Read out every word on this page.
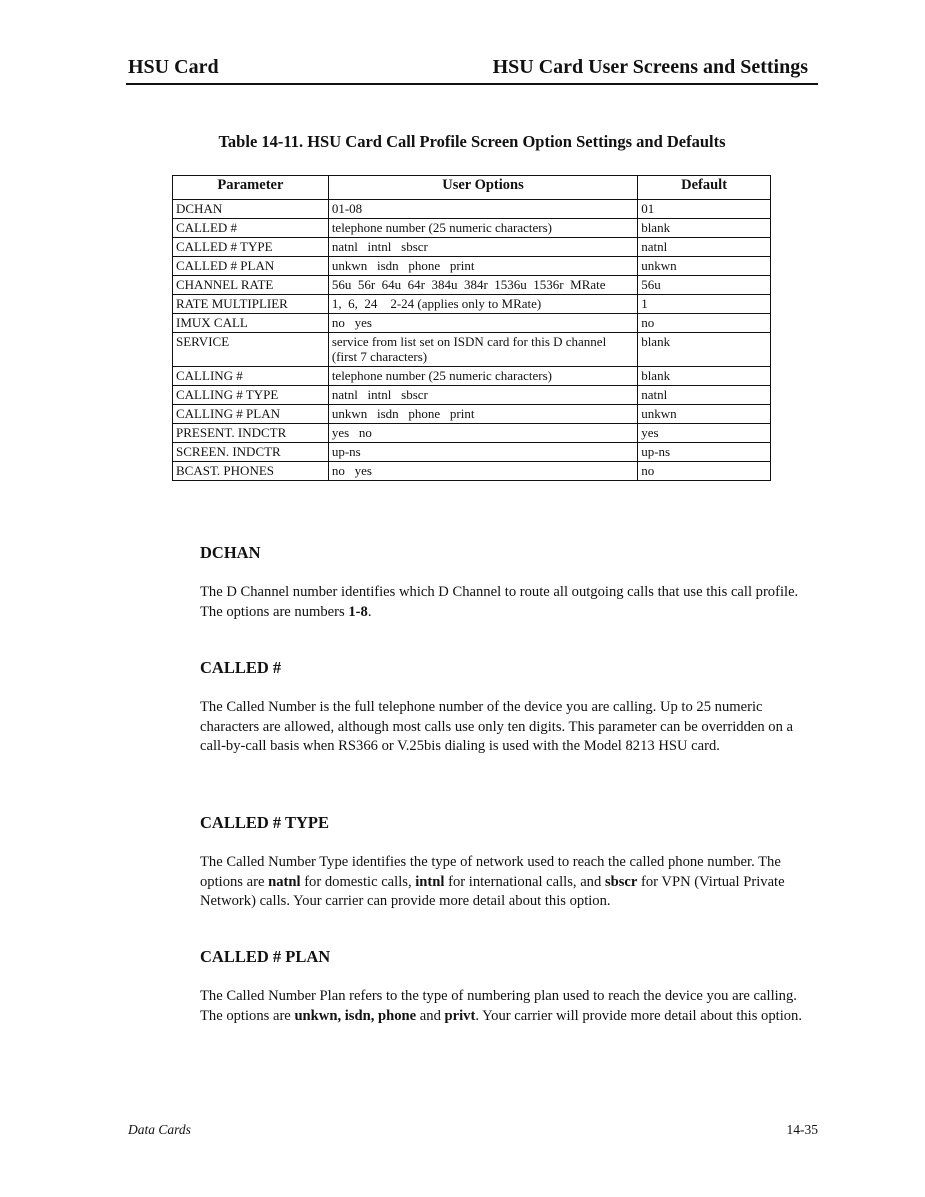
HSU Card	HSU Card User Screens and Settings
Table 14-11. HSU Card Call Profile Screen Option Settings and Defaults
Parameter	User Options	Default
DCHAN	01-08	01
CALLED #	telephone number (25 numeric characters)	blank
CALLED # TYPE	natnl   intnl   sbscr	natnl
CALLED # PLAN	unkwn   isdn   phone   print	unkwn
CHANNEL RATE	56u  56r  64u  64r  384u  384r  1536u  1536r  MRate	56u
RATE MULTIPLIER	1,  6,  24    2-24 (applies only to MRate)	1
IMUX CALL	no   yes	no
SERVICE	service from list set on ISDN card for this D channel (first 7 characters)	blank
CALLING #	telephone number (25 numeric characters)	blank
CALLING # TYPE	natnl   intnl   sbscr	natnl
CALLING # PLAN	unkwn   isdn   phone   print	unkwn
PRESENT. INDCTR	yes   no	yes
SCREEN. INDCTR	up-ns	up-ns
BCAST. PHONES	no   yes	no
DCHAN
The D Channel number identifies which D Channel to route all outgoing calls that use this call profile. The options are numbers 1-8.
CALLED #
The Called Number is the full telephone number of the device you are calling. Up to 25 numeric characters are allowed, although most calls use only ten digits. This parameter can be overridden on a call-by-call basis when RS366 or V.25bis dialing is used with the Model 8213 HSU card.
CALLED # TYPE
The Called Number Type identifies the type of network used to reach the called phone number. The options are natnl for domestic calls, intnl for international calls, and sbscr for VPN (Virtual Private Network) calls. Your carrier can provide more detail about this option.
CALLED # PLAN
The Called Number Plan refers to the type of numbering plan used to reach the device you are calling. The options are unkwn, isdn, phone and privt. Your carrier will provide more detail about this option.
Data Cards	14-35
